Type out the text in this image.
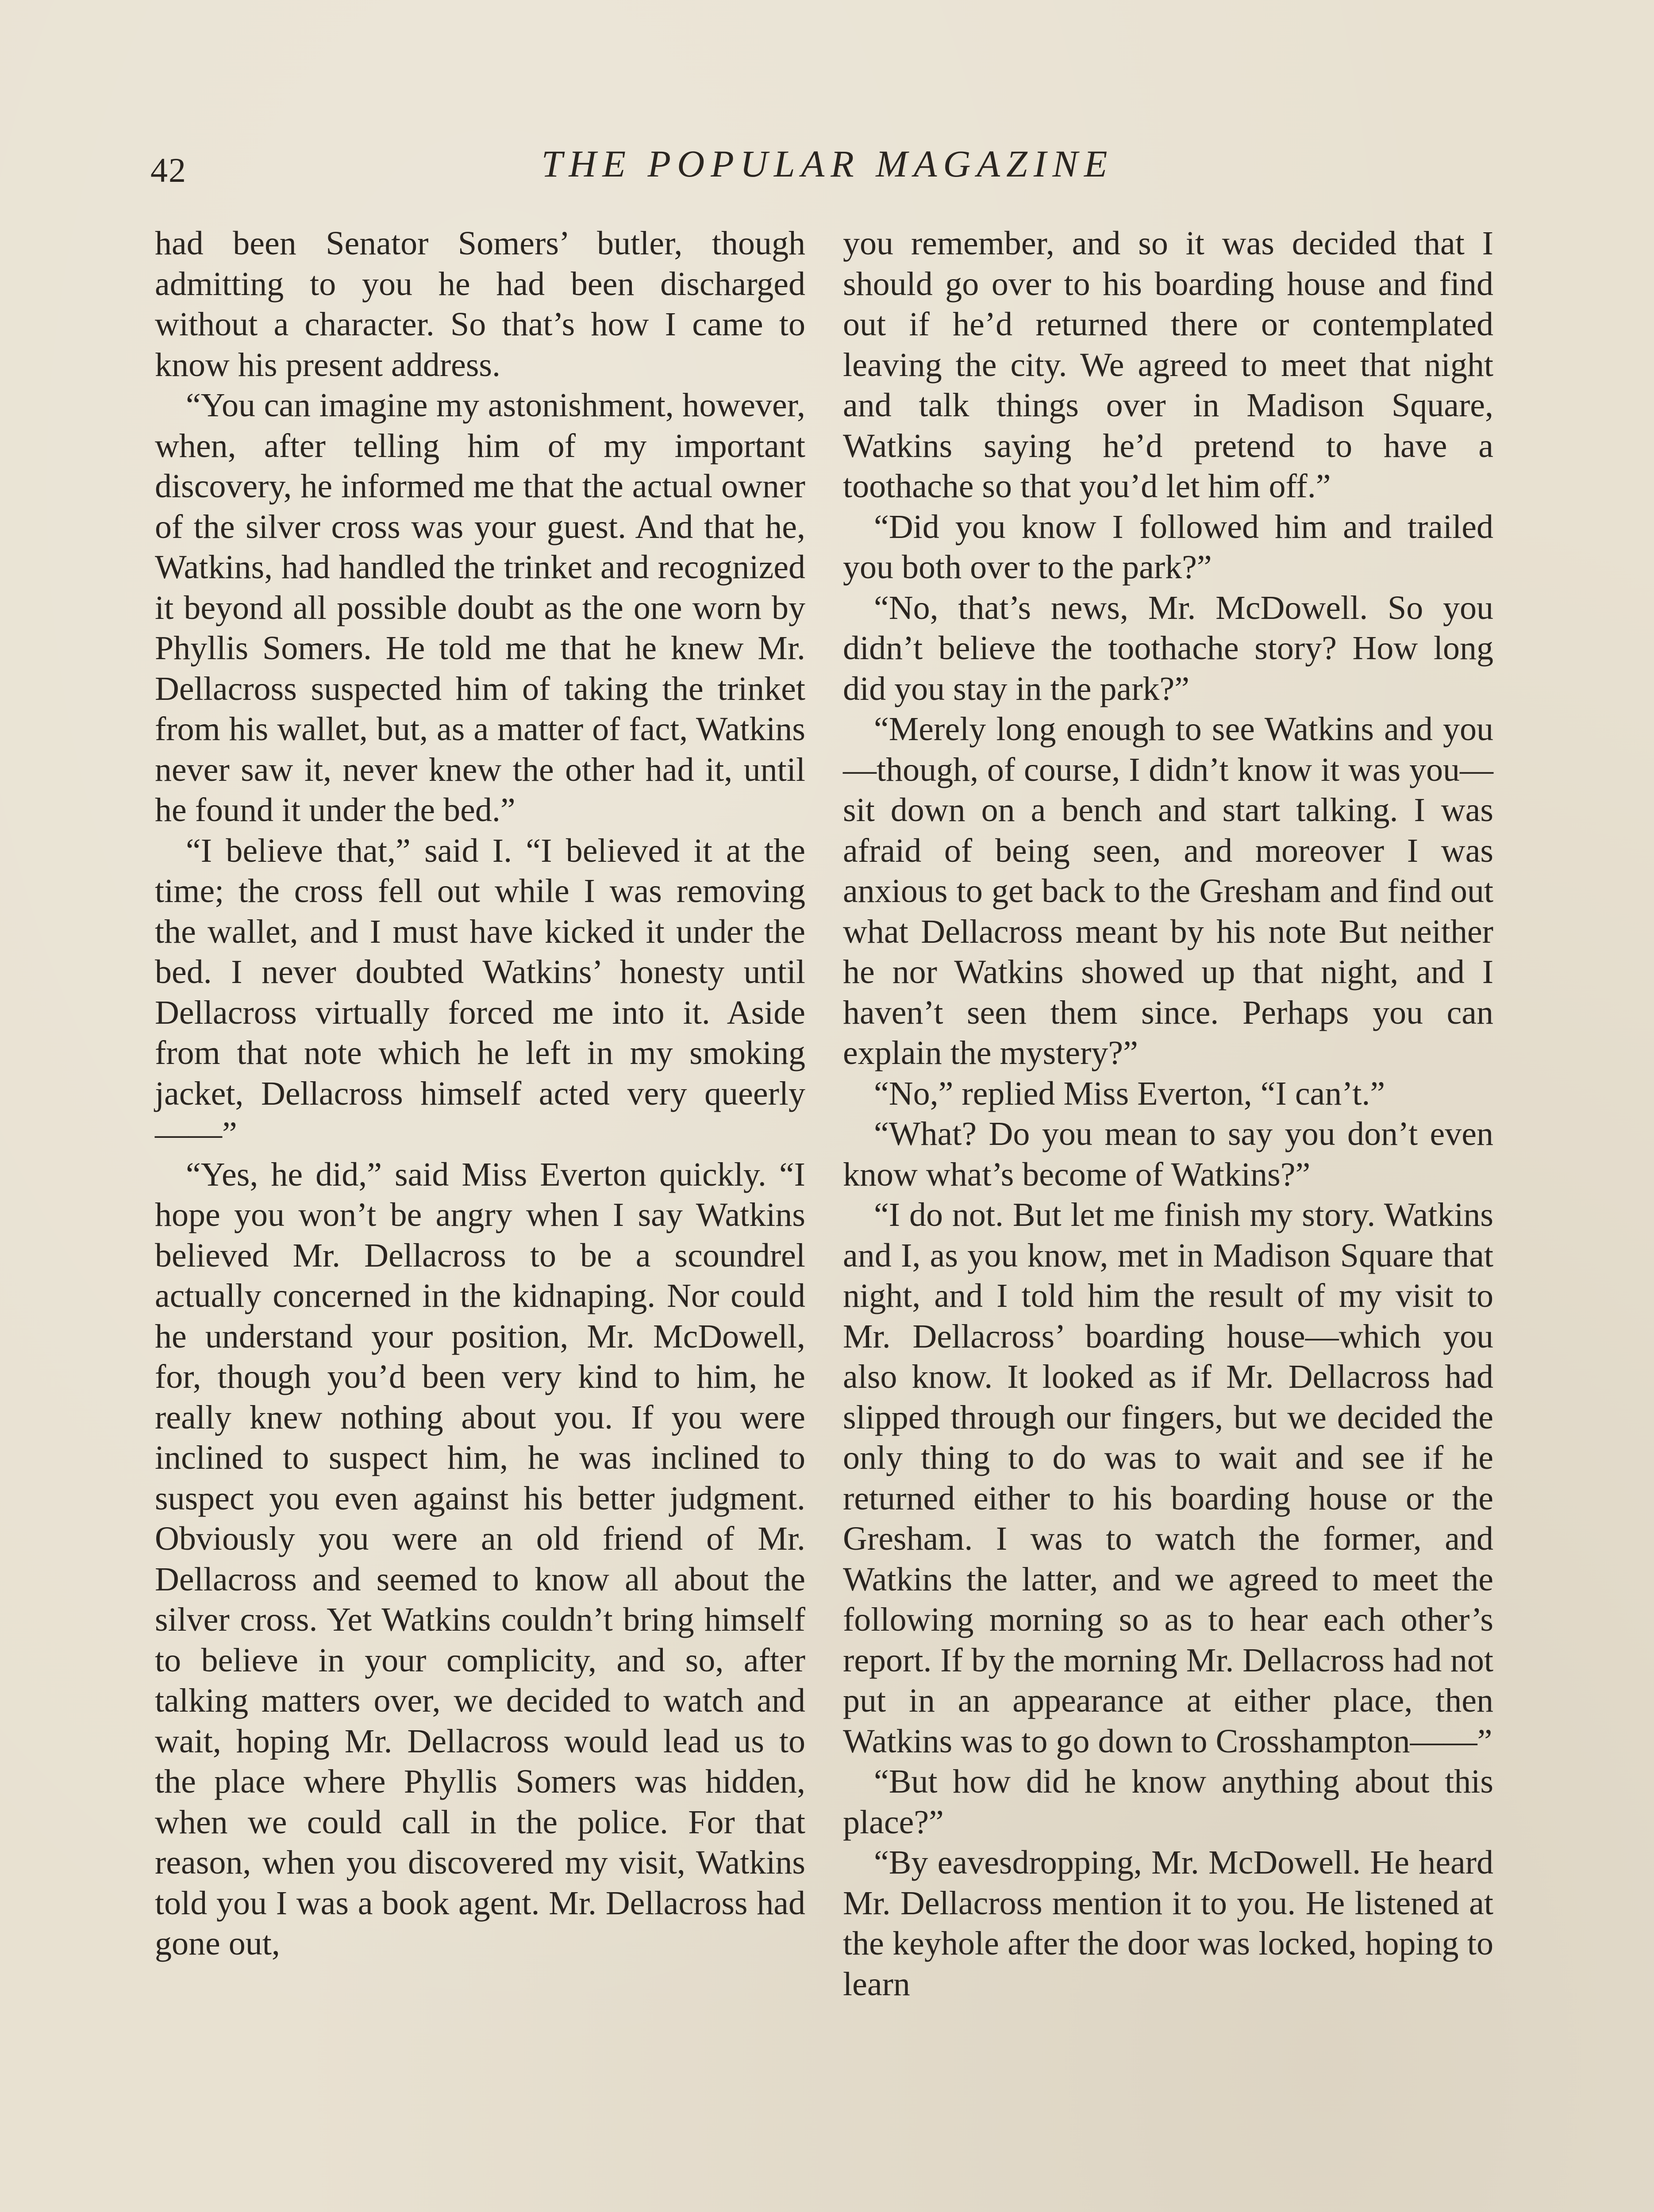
42	THE POPULAR MAGAZINE

had been Senator Somers’ butler, though admitting to you he had been discharged without a character. So that’s how I came to know his present address.

“You can imagine my astonishment, however, when, after telling him of my important discovery, he informed me that the actual owner of the silver cross was your guest. And that he, Watkins, had handled the trinket and recognized it beyond all possible doubt as the one worn by Phyllis Somers. He told me that he knew Mr. Dellacross suspected him of taking the trinket from his wallet, but, as a matter of fact, Watkins never saw it, never knew the other had it, until he found it under the bed.”

“I believe that,” said I. “I believed it at the time; the cross fell out while I was removing the wallet, and I must have kicked it under the bed. I never doubted Watkins’ honesty until Dellacross virtually forced me into it. Aside from that note which he left in my smoking jacket, Dellacross himself acted very queerly——”

“Yes, he did,” said Miss Everton quickly. “I hope you won’t be angry when I say Watkins believed Mr. Dellacross to be a scoundrel actually concerned in the kidnaping. Nor could he understand your position, Mr. McDowell, for, though you’d been very kind to him, he really knew nothing about you. If you were inclined to suspect him, he was inclined to suspect you even against his better judgment. Obviously you were an old friend of Mr. Dellacross and seemed to know all about the silver cross. Yet Watkins couldn’t bring himself to believe in your complicity, and so, after talking matters over, we decided to watch and wait, hoping Mr. Dellacross would lead us to the place where Phyllis Somers was hidden, when we could call in the police. For that reason, when you discovered my visit, Watkins told you I was a book agent. Mr. Dellacross had gone out,

you remember, and so it was decided that I should go over to his boarding house and find out if he’d returned there or contemplated leaving the city. We agreed to meet that night and talk things over in Madison Square, Watkins saying he’d pretend to have a toothache so that you’d let him off.”

“Did you know I followed him and trailed you both over to the park?”

“No, that’s news, Mr. McDowell. So you didn’t believe the toothache story? How long did you stay in the park?”

“Merely long enough to see Watkins and you—though, of course, I didn’t know it was you—sit down on a bench and start talking. I was afraid of being seen, and moreover I was anxious to get back to the Gresham and find out what Dellacross meant by his note But neither he nor Watkins showed up that night, and I haven’t seen them since. Perhaps you can explain the mystery?”

“No,” replied Miss Everton, “I can’t.”

“What? Do you mean to say you don’t even know what’s become of Watkins?”

“I do not. But let me finish my story. Watkins and I, as you know, met in Madison Square that night, and I told him the result of my visit to Mr. Dellacross’ boarding house—which you also know. It looked as if Mr. Dellacross had slipped through our fingers, but we decided the only thing to do was to wait and see if he returned either to his boarding house or the Gresham. I was to watch the former, and Watkins the latter, and we agreed to meet the following morning so as to hear each other’s report. If by the morning Mr. Dellacross had not put in an appearance at either place, then Watkins was to go down to Crosshampton——”

“But how did he know anything about this place?”

“By eavesdropping, Mr. McDowell. He heard Mr. Dellacross mention it to you. He listened at the keyhole after the door was locked, hoping to learn
